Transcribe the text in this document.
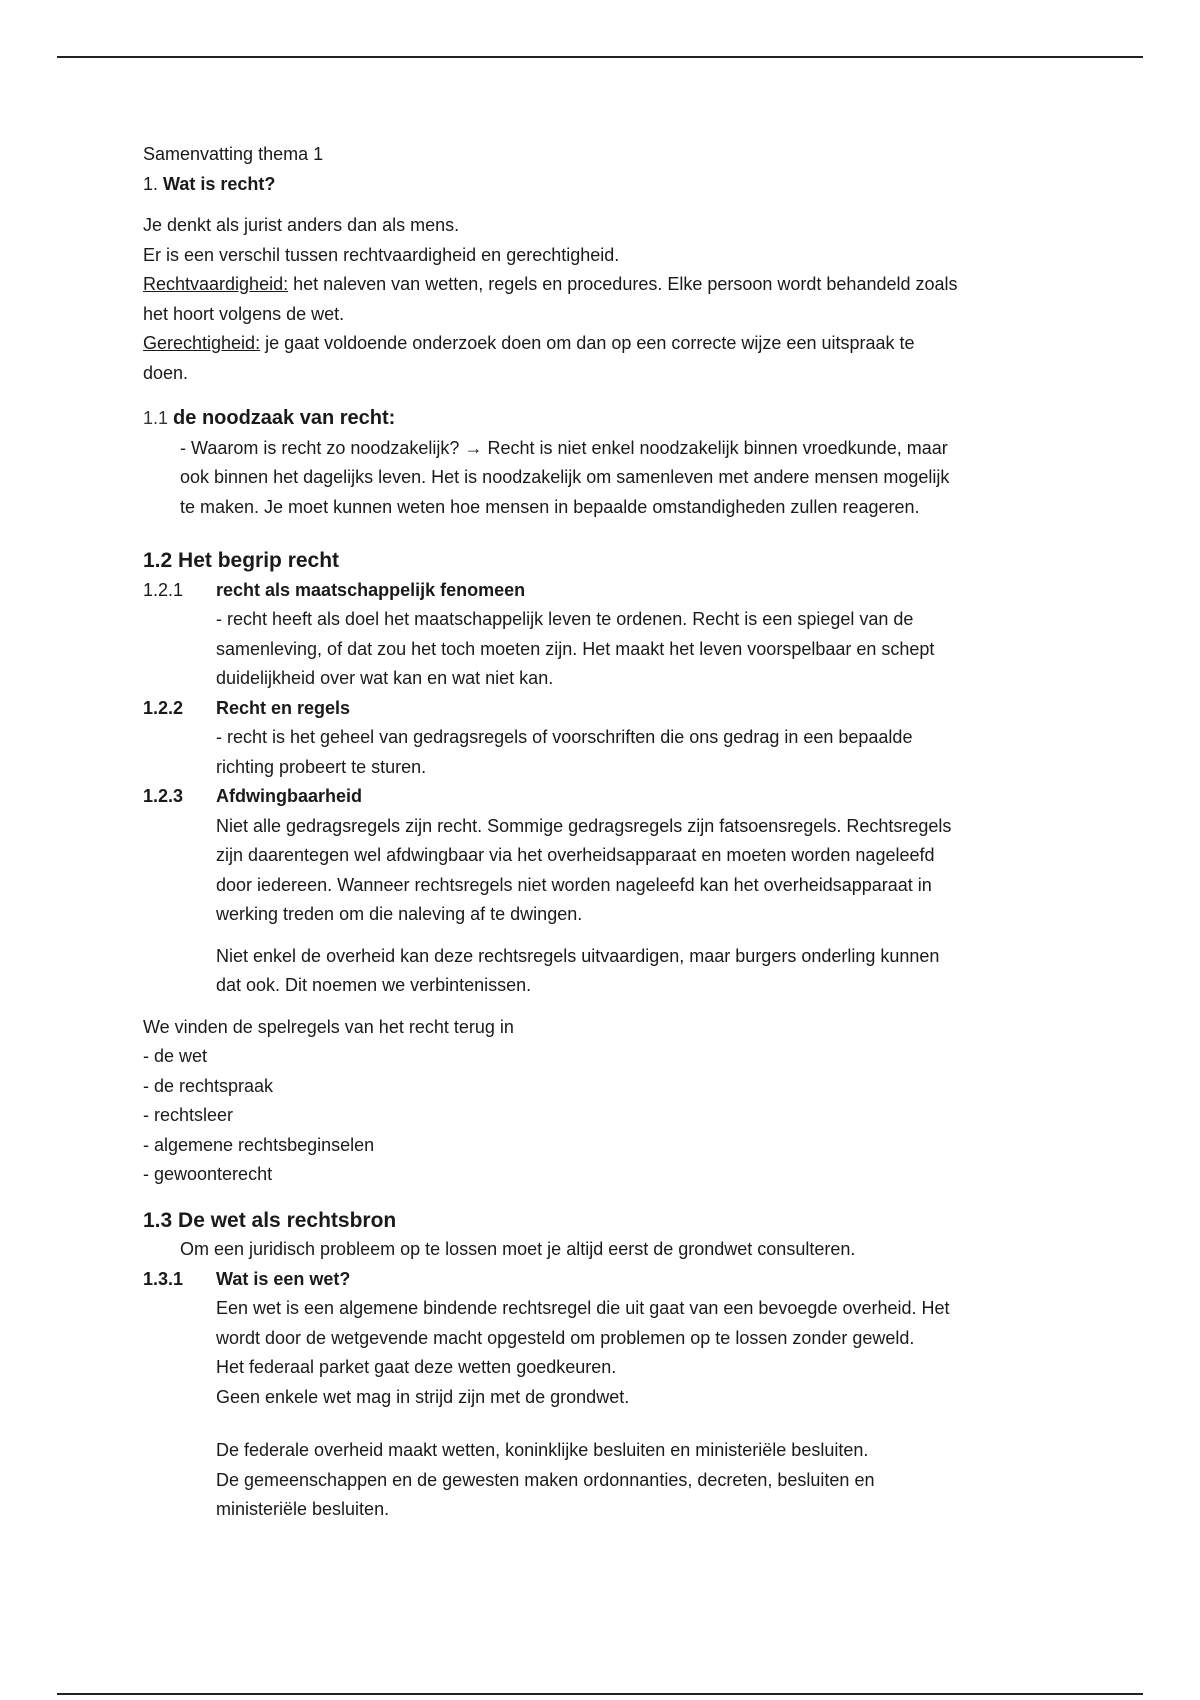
Samenvatting thema 1
1. Wat is recht?
Je denkt als jurist anders dan als mens.
Er is een verschil tussen rechtvaardigheid en gerechtigheid.
Rechtvaardigheid: het naleven van wetten, regels en procedures. Elke persoon wordt behandeld zoals
het hoort volgens de wet.
Gerechtigheid: je gaat voldoende onderzoek doen om dan op een correcte wijze een uitspraak te
doen.
1.1 de noodzaak van recht:
- Waarom is recht zo noodzakelijk? → Recht is niet enkel noodzakelijk binnen vroedkunde, maar
ook binnen het dagelijks leven. Het is noodzakelijk om samenleven met andere mensen mogelijk
te maken. Je moet kunnen weten hoe mensen in bepaalde omstandigheden zullen reageren.
1.2 Het begrip recht
1.2.1	recht als maatschappelijk fenomeen
- recht heeft als doel het maatschappelijk leven te ordenen. Recht is een spiegel van de
samenleving, of dat zou het toch moeten zijn. Het maakt het leven voorspelbaar en schept
duidelijkheid over wat kan en wat niet kan.
1.2.2	Recht en regels
- recht is het geheel van gedragsregels of voorschriften die ons gedrag in een bepaalde
richting probeert te sturen.
1.2.3	Afdwingbaarheid
Niet alle gedragsregels zijn recht. Sommige gedragsregels zijn fatsoensregels. Rechtsregels
zijn daarentegen wel afdwingbaar via het overheidsapparaat en moeten worden nageleefd
door iedereen. Wanneer rechtsregels niet worden nageleefd kan het overheidsapparaat in
werking treden om die naleving af te dwingen.
Niet enkel de overheid kan deze rechtsregels uitvaardigen, maar burgers onderling kunnen
dat ook. Dit noemen we verbintenissen.
We vinden de spelregels van het recht terug in
- de wet
- de rechtspraak
- rechtsleer
- algemene rechtsbeginselen
- gewoonterecht
1.3 De wet als rechtsbron
Om een juridisch probleem op te lossen moet je altijd eerst de grondwet consulteren.
1.3.1	Wat is een wet?
Een wet is een algemene bindende rechtsregel die uit gaat van een bevoegde overheid. Het
wordt door de wetgevende macht opgesteld om problemen op te lossen zonder geweld.
Het federaal parket gaat deze wetten goedkeuren.
Geen enkele wet mag in strijd zijn met de grondwet.
De federale overheid maakt wetten, koninklijke besluiten en ministeriële besluiten.
De gemeenschappen en de gewesten maken ordonnanties, decreten, besluiten en
ministeriële besluiten.
